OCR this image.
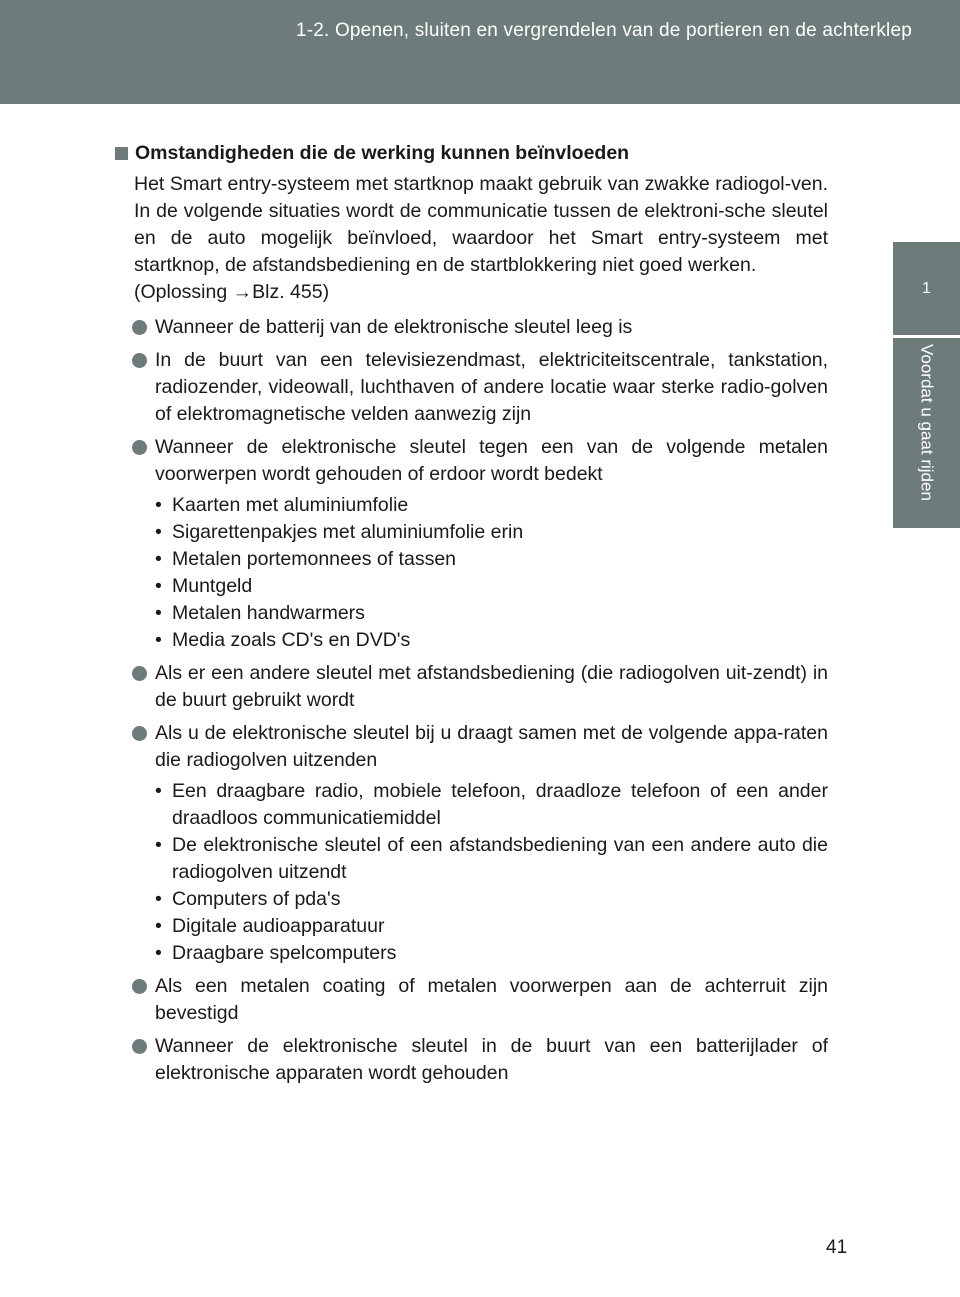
1-2. Openen, sluiten en vergrendelen van de portieren en de achterklep
1
Voordat u gaat rijden
Omstandigheden die de werking kunnen beïnvloeden

Het Smart entry-systeem met startknop maakt gebruik van zwakke radiogol-ven. In de volgende situaties wordt de communicatie tussen de elektroni-sche sleutel en de auto mogelijk beïnvloed, waardoor het Smart entry-systeem met startknop, de afstandsbediening en de startblokkering niet goed werken.

(Oplossing →Blz. 455)

Wanneer de batterij van de elektronische sleutel leeg is
In de buurt van een televisiezendmast, elektriciteitscentrale, tankstation, radiozender, videowall, luchthaven of andere locatie waar sterke radio-golven of elektromagnetische velden aanwezig zijn
Wanneer de elektronische sleutel tegen een van de volgende metalen voorwerpen wordt gehouden of erdoor wordt bedekt
• Kaarten met aluminiumfolie
• Sigarettenpakjes met aluminiumfolie erin
• Metalen portemonnees of tassen
• Muntgeld
• Metalen handwarmers
• Media zoals CD's en DVD's
Als er een andere sleutel met afstandsbediening (die radiogolven uit-zendt) in de buurt gebruikt wordt
Als u de elektronische sleutel bij u draagt samen met de volgende appa-raten die radiogolven uitzenden
• Een draagbare radio, mobiele telefoon, draadloze telefoon of een ander draadloos communicatiemiddel
• De elektronische sleutel of een afstandsbediening van een andere auto die radiogolven uitzendt
• Computers of pda's
• Digitale audioapparatuur
• Draagbare spelcomputers
Als een metalen coating of metalen voorwerpen aan de achterruit zijn bevestigd
Wanneer de elektronische sleutel in de buurt van een batterijlader of elektronische apparaten wordt gehouden
41
